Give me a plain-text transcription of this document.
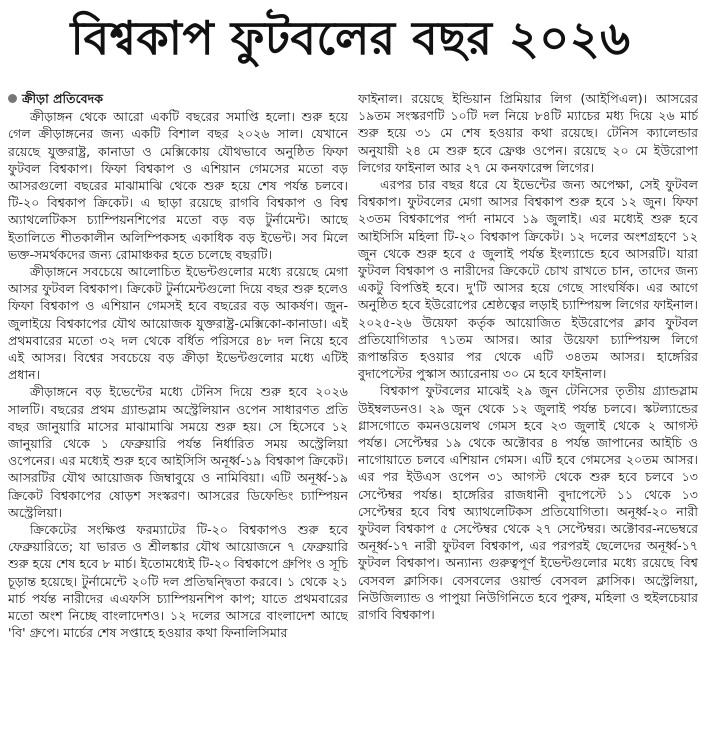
বিশ্বকাপ ফুটবলের বছর ২০২৬
ক্রীড়া প্রতিবেদক

ক্রীড়াঙ্গন থেকে আরো একটি বছরের সমাপ্তি হলো। শুরু হয়ে গেল ক্রীড়াঙ্গনের জন্য একটি বিশাল বছর ২০২৬ সাল। যেখানে রয়েছে যুক্তরাষ্ট্র, কানাডা ও মেক্সিকোয় যৌথভাবে অনুষ্ঠিত ফিফা ফুটবল বিশ্বকাপ। ফিফা বিশ্বকাপ ও এশিয়ান গেমসের মতো বড় আসরগুলো বছরের মাঝামাঝি থেকে শুরু হয়ে শেষ পর্যন্ত চলবে। টি-২০ বিশ্বকাপ ক্রিকেট। এ ছাড়া রয়েছে রাগবি বিশ্বকাপ ও বিশ্ব অ্যাথলেটিকস চ্যাম্পিয়নশিপের মতো বড় বড় টুর্নামেন্ট। আছে ইতালিতে শীতকালীন অলিম্পিকসহ একাধিক বড় ইভেন্ট। সব মিলে ভক্ত-সমর্থকদের জন্য রোমাঞ্চকর হতে চলেছে বছরটি।

ক্রীড়াঙ্গনে সবচেয়ে আলোচিত ইভেন্টগুলোর মধ্যে রয়েছে মেগা আসর ফুটবল বিশ্বকাপ। ক্রিকেট টুর্নামেন্টগুলো দিয়ে বছর শুরু হলেও ফিফা বিশ্বকাপ ও এশিয়ান গেমসই হবে বছরের বড় আকর্ষণ। জুন-জুলাইয়ে বিশ্বকাপের যৌথ আয়োজক যুক্তরাষ্ট্র-মেক্সিকো-কানাডা। এই প্রথমবারের মতো ৩২ দল থেকে বর্ধিত পরিসরে ৪৮ দল নিয়ে হবে এই আসর। বিশ্বের সবচেয়ে বড় ক্রীড়া ইভেন্টগুলোর মধ্যে এটিই প্রধান।

ক্রীড়াঙ্গনে বড় ইভেন্টের মধ্যে টেনিস দিয়ে শুরু হবে ২০২৬ সালটি। বছরের প্রথম গ্র্যান্ডস্লাম অস্ট্রেলিয়ান ওপেন সাধারণত প্রতি বছর জানুয়ারি মাসের মাঝামাঝি সময়ে শুরু হয়। সে হিসেবে ১২ জানুয়ারি থেকে ১ ফেব্রুয়ারি পর্যন্ত নির্ধারিত সময় অস্ট্রেলিয়া ওপেনের। এর মধ্যেই শুরু হবে আইসিসি অনূর্ধ্ব-১৯ বিশ্বকাপ ক্রিকেট। আসরটির যৌথ আয়োজক জিম্বাবুয়ে ও নামিবিয়া। এটি অনূর্ধ্ব-১৯ ক্রিকেট বিশ্বকাপের ষোড়শ সংস্করণ। আসরের ডিফেন্ডিং চ্যাম্পিয়ন অস্ট্রেলিয়া।

ক্রিকেটের সংক্ষিপ্ত ফরম্যাটের টি-২০ বিশ্বকাপও শুরু হবে ফেব্রুয়ারিতে; যা ভারত ও শ্রীলঙ্কার যৌথ আয়োজনে ৭ ফেব্রুয়ারি শুরু হয়ে শেষ হবে ৮ মার্চ। ইতোমধ্যেই টি-২০ বিশ্বকাপে গ্রুপিং ও সূচি চূড়ান্ত হয়েছে। টুর্নামেন্টে ২০টি দল প্রতিদ্বন্দ্বিতা করবে। ১ থেকে ২১ মার্চ পর্যন্ত নারীদের এএফসি চ্যাম্পিয়নশিপ কাপ; যাতে প্রথমবারের মতো অংশ নিচ্ছে বাংলাদেশও। ১২ দলের আসরে বাংলাদেশ আছে 'বি' গ্রুপে। মার্চের শেষ সপ্তাহে হওয়ার কথা ফিনালিসিমার

ফাইনাল। রয়েছে ইন্ডিয়ান প্রিমিয়ার লিগ (আইপিএল)। আসরের ১৯তম সংস্করণটি ১০টি দল নিয়ে ৮৪টি ম্যাচের মধ্য দিয়ে ২৬ মার্চ শুরু হয়ে ৩১ মে শেষ হওয়ার কথা রয়েছে। টেনিস ক্যালেন্ডার অনুযায়ী ২৪ মে শুরু হবে ফ্রেঞ্চ ওপেন। রয়েছে ২০ মে ইউরোপা লিগের ফাইনাল আর ২৭ মে কনফারেন্স লিগের।

এরপর চার বছর ধরে যে ইভেন্টের জন্য অপেক্ষা, সেই ফুটবল বিশ্বকাপ। ফুটবলের মেগা আসর বিশ্বকাপ শুরু হবে ১২ জুন। ফিফা ২৩তম বিশ্বকাপের পর্দা নামবে ১৯ জুলাই। এর মধ্যেই শুরু হবে আইসিসি মহিলা টি-২০ বিশ্বকাপ ক্রিকেট। ১২ দলের অংশগ্রহণে ১২ জুন থেকে শুরু হবে ৫ জুলাই পর্যন্ত ইংল্যান্ডে হবে আসরটি। যারা ফুটবল বিশ্বকাপ ও নারীদের ক্রিকেটে চোখ রাখতে চান, তাদের জন্য একটু বিপত্তিই হবে। দু'টি আসর হয়ে গেছে সাংঘর্ষিক। এর আগে অনুষ্ঠিত হবে ইউরোপের শ্রেষ্ঠত্বের লড়াই চ্যাম্পিয়ন্স লিগের ফাইনাল। ২০২৫-২৬ উয়েফা কর্তৃক আয়োজিত ইউরোপের ক্লাব ফুটবল প্রতিযোগিতার ৭১তম আসর। আর উয়েফা চ্যাম্পিয়ন্স লিগে রূপান্তরিত হওয়ার পর থেকে এটি ৩৪তম আসর। হাঙ্গেরির বুদাপেস্টের পুস্কাস অ্যারেনায় ৩০ মে হবে ফাইনাল।

বিশ্বকাপ ফুটবলের মাঝেই ২৯ জুন টেনিসের তৃতীয় গ্র্যান্ডস্লাম উইম্বলডনও। ২৯ জুন থেকে ১২ জুলাই পর্যন্ত চলবে। স্কটল্যান্ডের গ্লাসগোতে কমনওয়েলথ গেমস হবে ২৩ জুলাই থেকে ২ আগস্ট পর্যন্ত। সেপ্টেম্বর ১৯ থেকে অক্টোবর ৪ পর্যন্ত জাপানের আইচি ও নাগোয়াতে চলবে এশিয়ান গেমস। এটি হবে গেমসের ২০তম আসর। এর পর ইউএস ওপেন ৩১ আগস্ট থেকে শুরু হবে চলবে ১৩ সেপ্টেম্বর পর্যন্ত। হাঙ্গেরির রাজধানী বুদাপেস্টে ১১ থেকে ১৩ সেপ্টেম্বর হবে বিশ্ব অ্যাথলেটিকস প্রতিযোগিতা। অনূর্ধ্ব-২০ নারী ফুটবল বিশ্বকাপ ৫ সেপ্টেম্বর থেকে ২৭ সেপ্টেম্বর। অক্টোবর-নভেম্বরে অনূর্ধ্ব-১৭ নারী ফুটবল বিশ্বকাপ, এর পরপরই ছেলেদের অনূর্ধ্ব-১৭ ফুটবল বিশ্বকাপ। অন্যান্য গুরুত্বপূর্ণ ইভেন্টগুলোর মধ্যে রয়েছে বিশ্ব বেসবল ক্লাসিক। বেসবলের ওয়ার্ল্ড বেসবল ক্লাসিক। অস্ট্রেলিয়া, নিউজিল্যান্ড ও পাপুয়া নিউগিনিতে হবে পুরুষ, মহিলা ও হুইলচেয়ার রাগবি বিশ্বকাপ।
